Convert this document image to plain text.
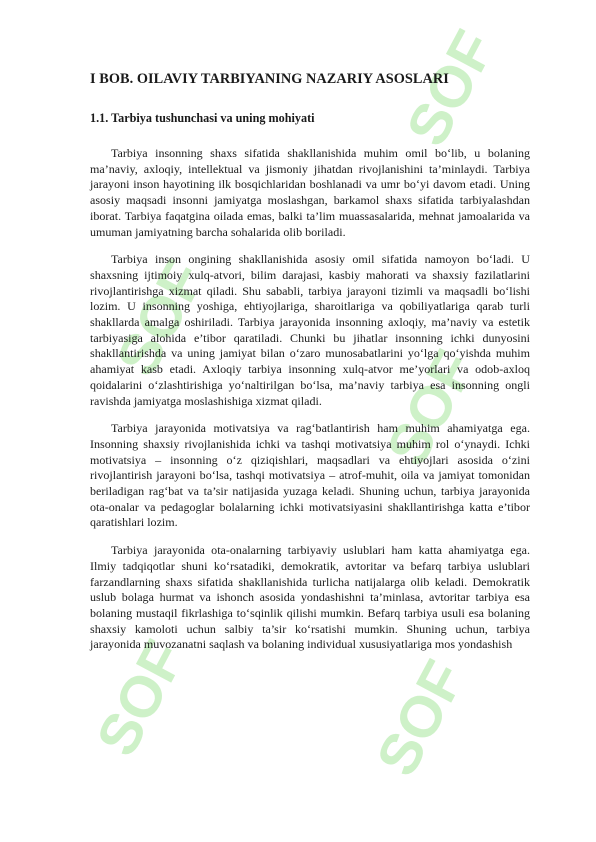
SOF
SOF
SOF
SOF	SOF
I BOB. OILAVIY TARBIYANING NAZARIY ASOSLARI
1.1. Tarbiya tushunchasi va uning mohiyati

Tarbiya insonning shaxs sifatida shakllanishida muhim omil bo‘lib, u bolaning ma’naviy, axloqiy, intellektual va jismoniy jihatdan rivojlanishini ta’minlaydi. Tarbiya jarayoni inson hayotining ilk bosqichlaridan boshlanadi va umr bo‘yi davom etadi. Uning asosiy maqsadi insonni jamiyatga moslashgan, barkamol shaxs sifatida tarbiyalashdan iborat. Tarbiya faqatgina oilada emas, balki ta’lim muassasalarida, mehnat jamoalarida va umuman jamiyatning barcha sohalarida olib boriladi.

Tarbiya inson ongining shakllanishida asosiy omil sifatida namoyon bo‘ladi. U shaxsning ijtimoiy xulq-atvori, bilim darajasi, kasbiy mahorati va shaxsiy fazilatlarini rivojlantirishga xizmat qiladi. Shu sababli, tarbiya jarayoni tizimli va maqsadli bo‘lishi lozim. U insonning yoshiga, ehtiyojlariga, sharoitlariga va qobiliyatlariga qarab turli shakllarda amalga oshiriladi. Tarbiya jarayonida insonning axloqiy, ma’naviy va estetik tarbiyasiga alohida e’tibor qaratiladi. Chunki bu jihatlar insonning ichki dunyosini shakllantirishda va uning jamiyat bilan o‘zaro munosabatlarini yo‘lga qo‘yishda muhim ahamiyat kasb etadi. Axloqiy tarbiya insonning xulq-atvor me’yorlari va odob-axloq qoidalarini o‘zlashtirishiga yo‘naltirilgan bo‘lsa, ma’naviy tarbiya esa insonning ongli ravishda jamiyatga moslashishiga xizmat qiladi.

Tarbiya jarayonida motivatsiya va rag‘batlantirish ham muhim ahamiyatga ega. Insonning shaxsiy rivojlanishida ichki va tashqi motivatsiya muhim rol o‘ynaydi. Ichki motivatsiya – insonning o‘z qiziqishlari, maqsadlari va ehtiyojlari asosida o‘zini rivojlantirish jarayoni bo‘lsa, tashqi motivatsiya – atrof-muhit, oila va jamiyat tomonidan beriladigan rag‘bat va ta’sir natijasida yuzaga keladi. Shuning uchun, tarbiya jarayonida ota-onalar va pedagoglar bolalarning ichki motivatsiyasini shakllantirishga katta e’tibor qaratishlari lozim.

Tarbiya jarayonida ota-onalarning tarbiyaviy uslublari ham katta ahamiyatga ega. Ilmiy tadqiqotlar shuni ko‘rsatadiki, demokratik, avtoritar va befarq tarbiya uslublari farzandlarning shaxs sifatida shakllanishida turlicha natijalarga olib keladi. Demokratik uslub bolaga hurmat va ishonch asosida yondashishni ta’minlasa, avtoritar tarbiya esa bolaning mustaqil fikrlashiga to‘sqinlik qilishi mumkin. Befarq tarbiya usuli esa bolaning shaxsiy kamoloti uchun salbiy ta’sir ko‘rsatishi mumkin. Shuning uchun, tarbiya jarayonida muvozanatni saqlash va bolaning individual xususiyatlariga mos yondashish
